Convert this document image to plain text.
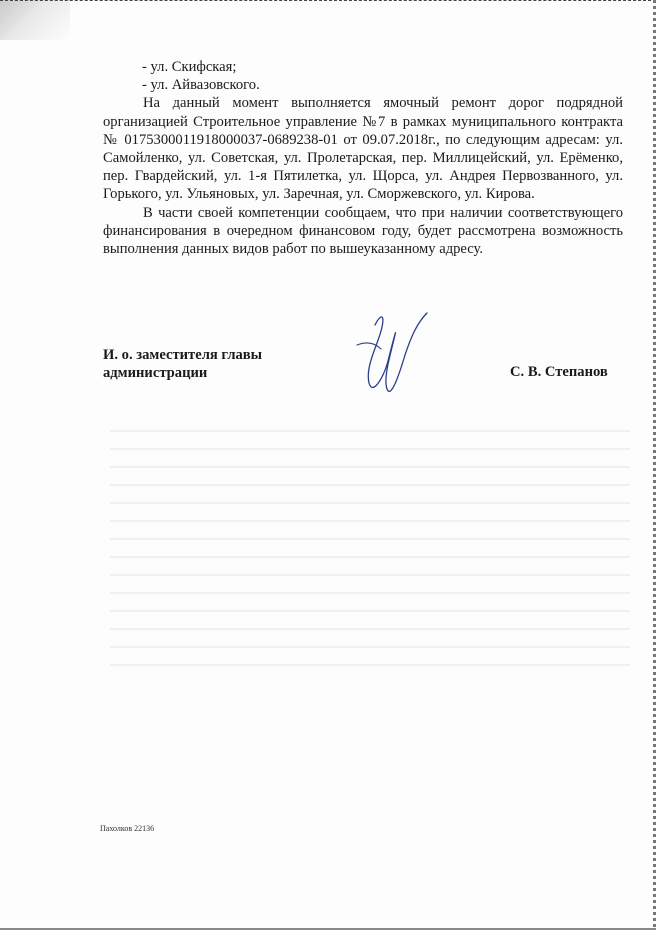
- ул. Скифская;
- ул. Айвазовского.

На данный момент выполняется ямочный ремонт дорог подрядной организацией Строительное управление №7 в рамках муниципального контракта № 0175300011918000037-0689238-01 от 09.07.2018г., по следующим адресам: ул. Самойленко, ул. Советская, ул. Пролетарская, пер. Миллицейский, ул. Ерёменко, пер. Гвардейский, ул. 1-я Пятилетка, ул. Щорса, ул. Андрея Первозванного, ул. Горького, ул. Ульяновых, ул. Заречная, ул. Сморжевского, ул. Кирова.

В части своей компетенции сообщаем, что при наличии соответствующего финансирования в очередном финансовом году, будет рассмотрена возможность выполнения данных видов работ по вышеуказанному адресу.

И. о. заместителя главы
администрации	С. В. Степанов
Пахолков 22136
